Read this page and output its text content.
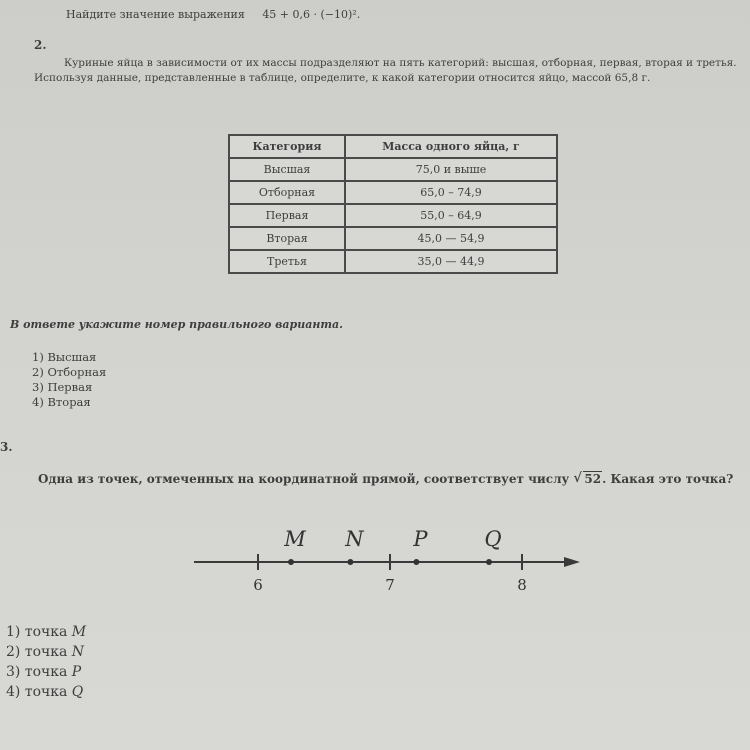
Найдите значение выражения 45 + 0,6 · (−10)².
2.
Куриные яйца в зависимости от их массы подразделяют на пять категорий: высшая, отборная, первая, вторая и третья. Используя данные, представленные в таблице, определите, к какой категории относится яйцо, массой 65,8 г.
Категория	Масса одного яйца, г
Высшая	75,0 и выше
Отборная	65,0 – 74,9
Первая	55,0 – 64,9
Вторая	45,0 — 54,9
Третья	35,0 — 44,9
В ответе укажите номер правильного варианта.
1) Высшая
2) Отборная
3) Первая
4) Вторая
3.
Одна из точек, отмеченных на координатной прямой, соответствует числу √ 52. Какая это точка?
6	7	8
M N P	Q
1) точка M
2) точка N
3) точка P
4) точка Q
